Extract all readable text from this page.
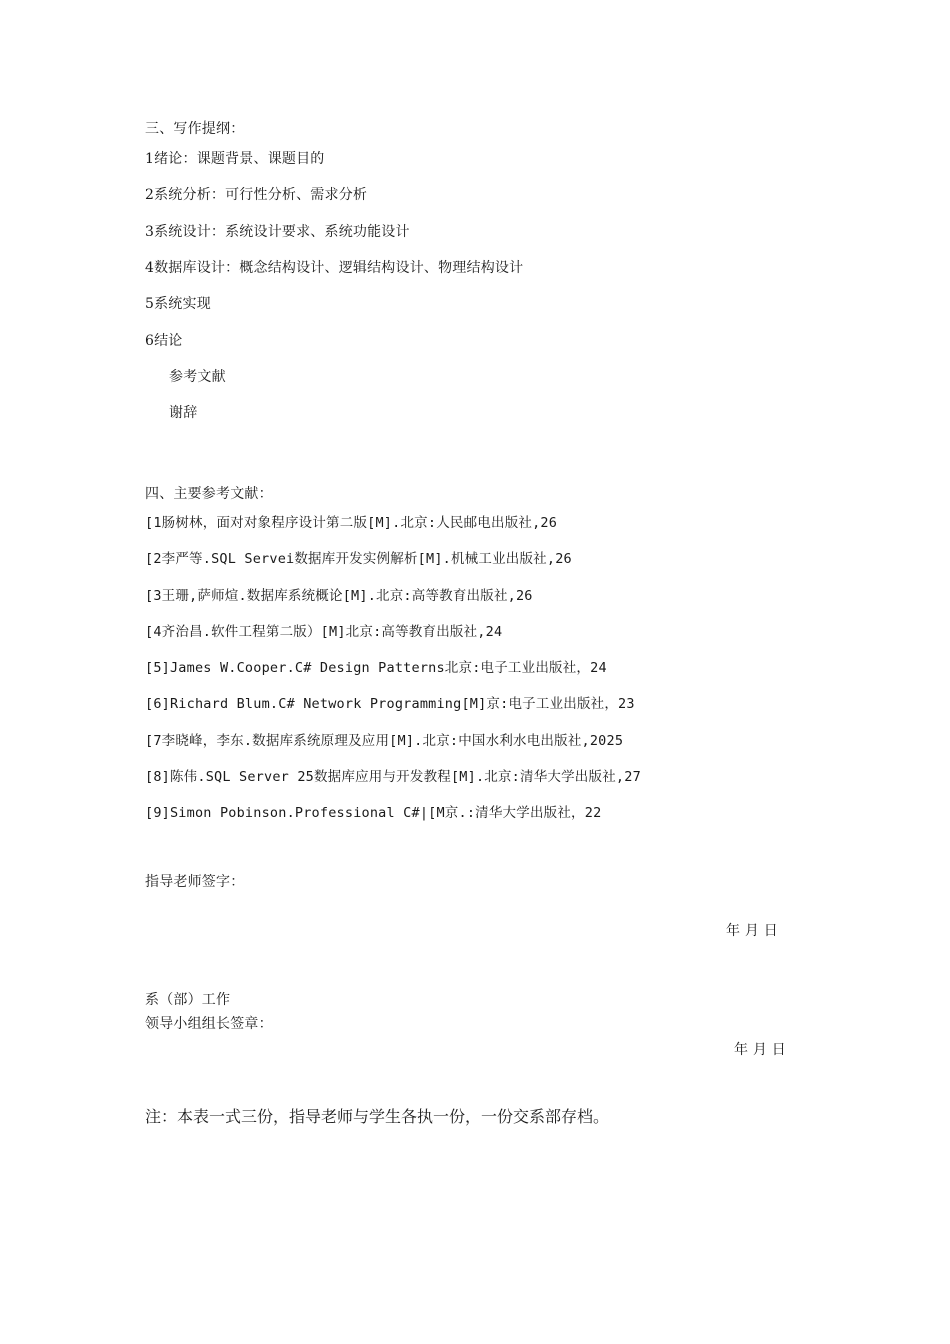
三、写作提纲：
1绪论：课题背景、课题目的
2系统分析：可行性分析、需求分析
3系统设计：系统设计要求、系统功能设计
4数据库设计：概念结构设计、逻辑结构设计、物理结构设计
5系统实现
6结论
参考文献
谢辞
四、主要参考文献：
[1肠树林，面对对象程序设计第二版[M].北京:人民邮电出版社,26
[2李严等.SQL Servei数据库开发实例解析[M].机械工业出版社,26
[3王珊,萨师煊.数据库系统概论[M].北京:高等教育出版社,26
[4齐治昌.软件工程第二版）[M]北京:高等教育出版社,24
[5]James W.Cooper.C# Design Patterns北京:电子工业出版社，24
[6]Richard Blum.C# Network Programming[M]京:电子工业出版社，23
[7李晓峰，李东.数据库系统原理及应用[M].北京:中国水利水电出版社,2025
[8]陈伟.SQL Server 25数据库应用与开发教程[M].北京:清华大学出版社,27
[9]Simon Pobinson.Professional C#|[M京.:清华大学出版社，22
指导老师签字：
年 月 日
系（部）工作
领导小组组长签章：
年 月 日
注：本表一式三份，指导老师与学生各执一份，一份交系部存档。
